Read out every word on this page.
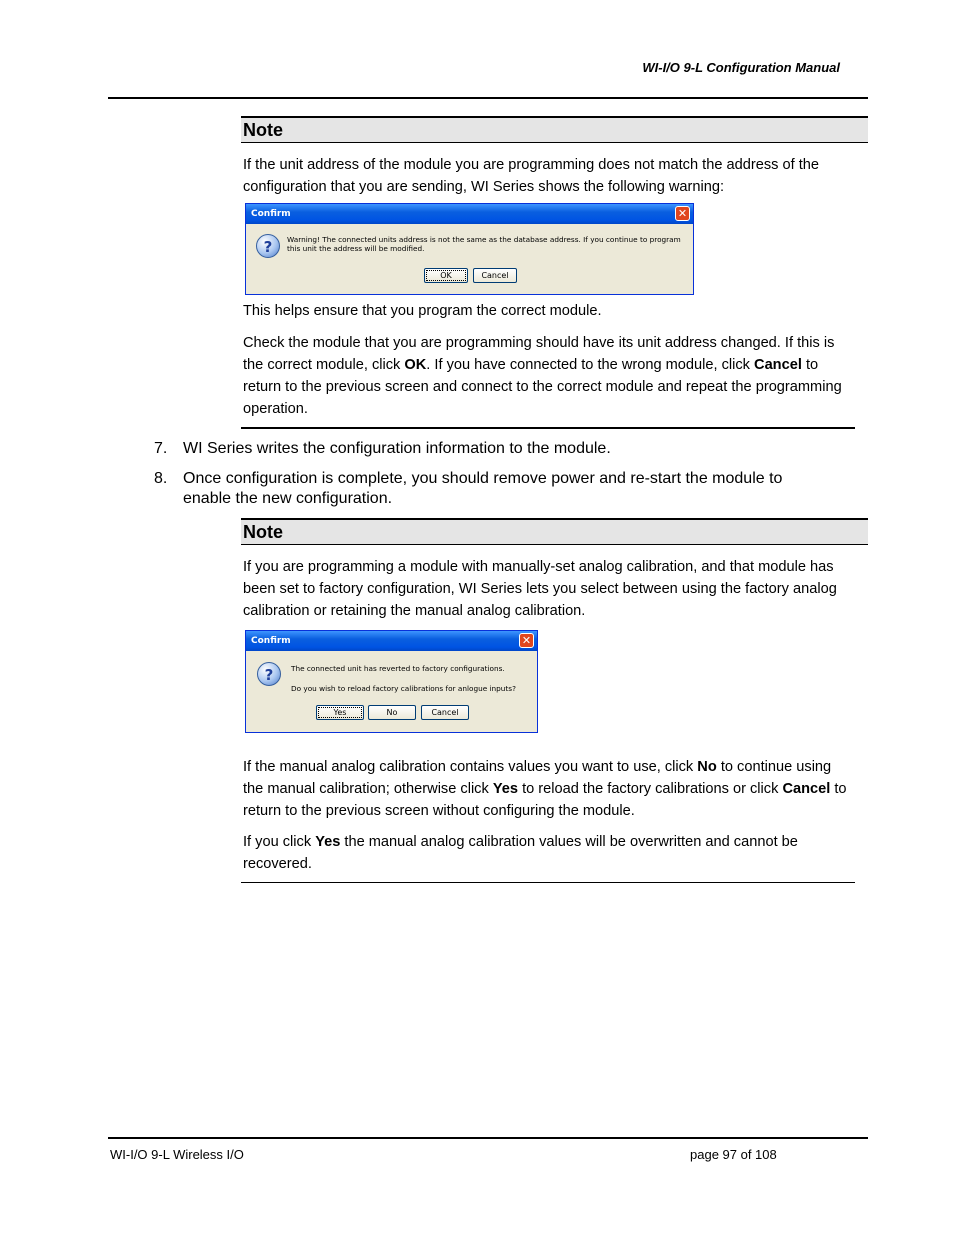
WI-I/O 9-L Configuration Manual
Note
If the unit address of the module you are programming does not match the address of the configuration that you are sending, WI Series shows the following warning:
Confirm	✕
?	Warning! The connected units address is not the same as the database address. If you continue to program this unit the address will be modified.
OK	Cancel
This helps ensure that you program the correct module.
Check the module that you are programming should have its unit address changed. If this is the correct module, click OK. If you have connected to the wrong module, click Cancel to return to the previous screen and connect to the correct module and repeat the programming operation.
7. WI Series writes the configuration information to the module.
8. Once configuration is complete, you should remove power and re-start the module to enable the new configuration.
Note
If you are programming a module with manually-set analog calibration, and that module has been set to factory configuration, WI Series lets you select between using the factory analog calibration or retaining the manual analog calibration.
Confirm	✕
?	The connected unit has reverted to factory configurations.
Do you wish to reload factory calibrations for anlogue inputs?
Yes	No	Cancel
If the manual analog calibration contains values you want to use, click No to continue using the manual calibration; otherwise click Yes to reload the factory calibrations or click Cancel to return to the previous screen without configuring the module.
If you click Yes the manual analog calibration values will be overwritten and cannot be recovered.
WI-I/O 9-L Wireless I/O	page 97 of 108
